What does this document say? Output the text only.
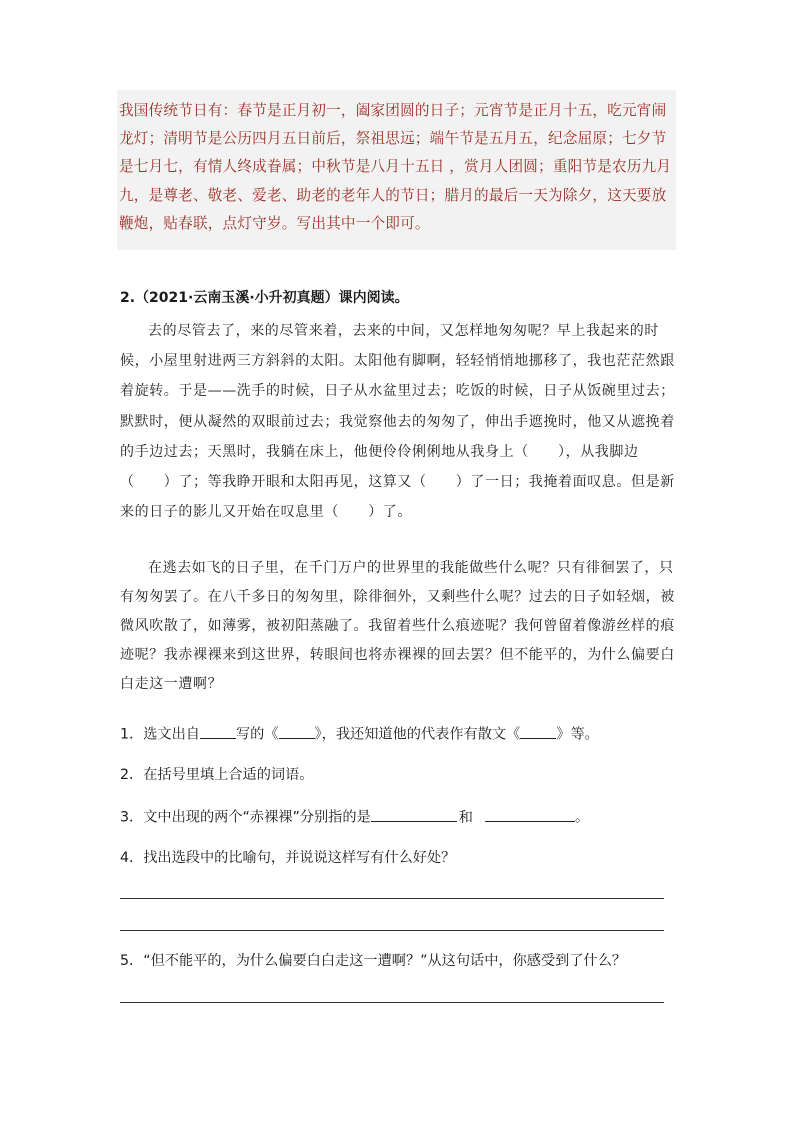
我国传统节日有：春节是正月初一，阖家团圆的日子；元宵节是正月十五，吃元宵闹龙灯；清明节是公历四月五日前后，祭祖思远；端午节是五月五，纪念屈原；七夕节是七月七，有情人终成眷属；中秋节是八月十五日 ，赏月人团圆；重阳节是农历九月九，是尊老、敬老、爱老、助老的老年人的节日；腊月的最后一天为除夕，这天要放鞭炮，贴春联，点灯守岁。写出其中一个即可。

2.（2021·云南玉溪·小升初真题）课内阅读。

去的尽管去了，来的尽管来着，去来的中间，又怎样地匆匆呢？早上我起来的时候，小屋里射进两三方斜斜的太阳。太阳他有脚啊，轻轻悄悄地挪移了，我也茫茫然跟着旋转。于是——洗手的时候，日子从水盆里过去；吃饭的时候，日子从饭碗里过去；默默时，便从凝然的双眼前过去；我觉察他去的匆匆了，伸出手遮挽时，他又从遮挽着的手边过去；天黑时，我躺在床上，他便伶伶俐俐地从我身上（　　），从我脚边（　　）了；等我睁开眼和太阳再见，这算又（　　）了一日；我掩着面叹息。但是新来的日子的影儿又开始在叹息里（　　）了。

在逃去如飞的日子里，在千门万户的世界里的我能做些什么呢？只有徘徊罢了，只有匆匆罢了。在八千多日的匆匆里，除徘徊外，又剩些什么呢？过去的日子如轻烟，被微风吹散了，如薄雾，被初阳蒸融了。我留着些什么痕迹呢？我何曾留着像游丝样的痕迹呢？我赤裸裸来到这世界，转眼间也将赤裸裸的回去罢？但不能平的，为什么偏要白白走这一遭啊？

1．选文出自	写的《	》，我还知道他的代表作有散文《	》等。

2．在括号里填上合适的词语。

3．文中出现的两个“赤裸裸”分别指的是	和	。

4．找出选段中的比喻句，并说说这样写有什么好处？

5．“但不能平的，为什么偏要白白走这一遭啊？”从这句话中，你感受到了什么？
